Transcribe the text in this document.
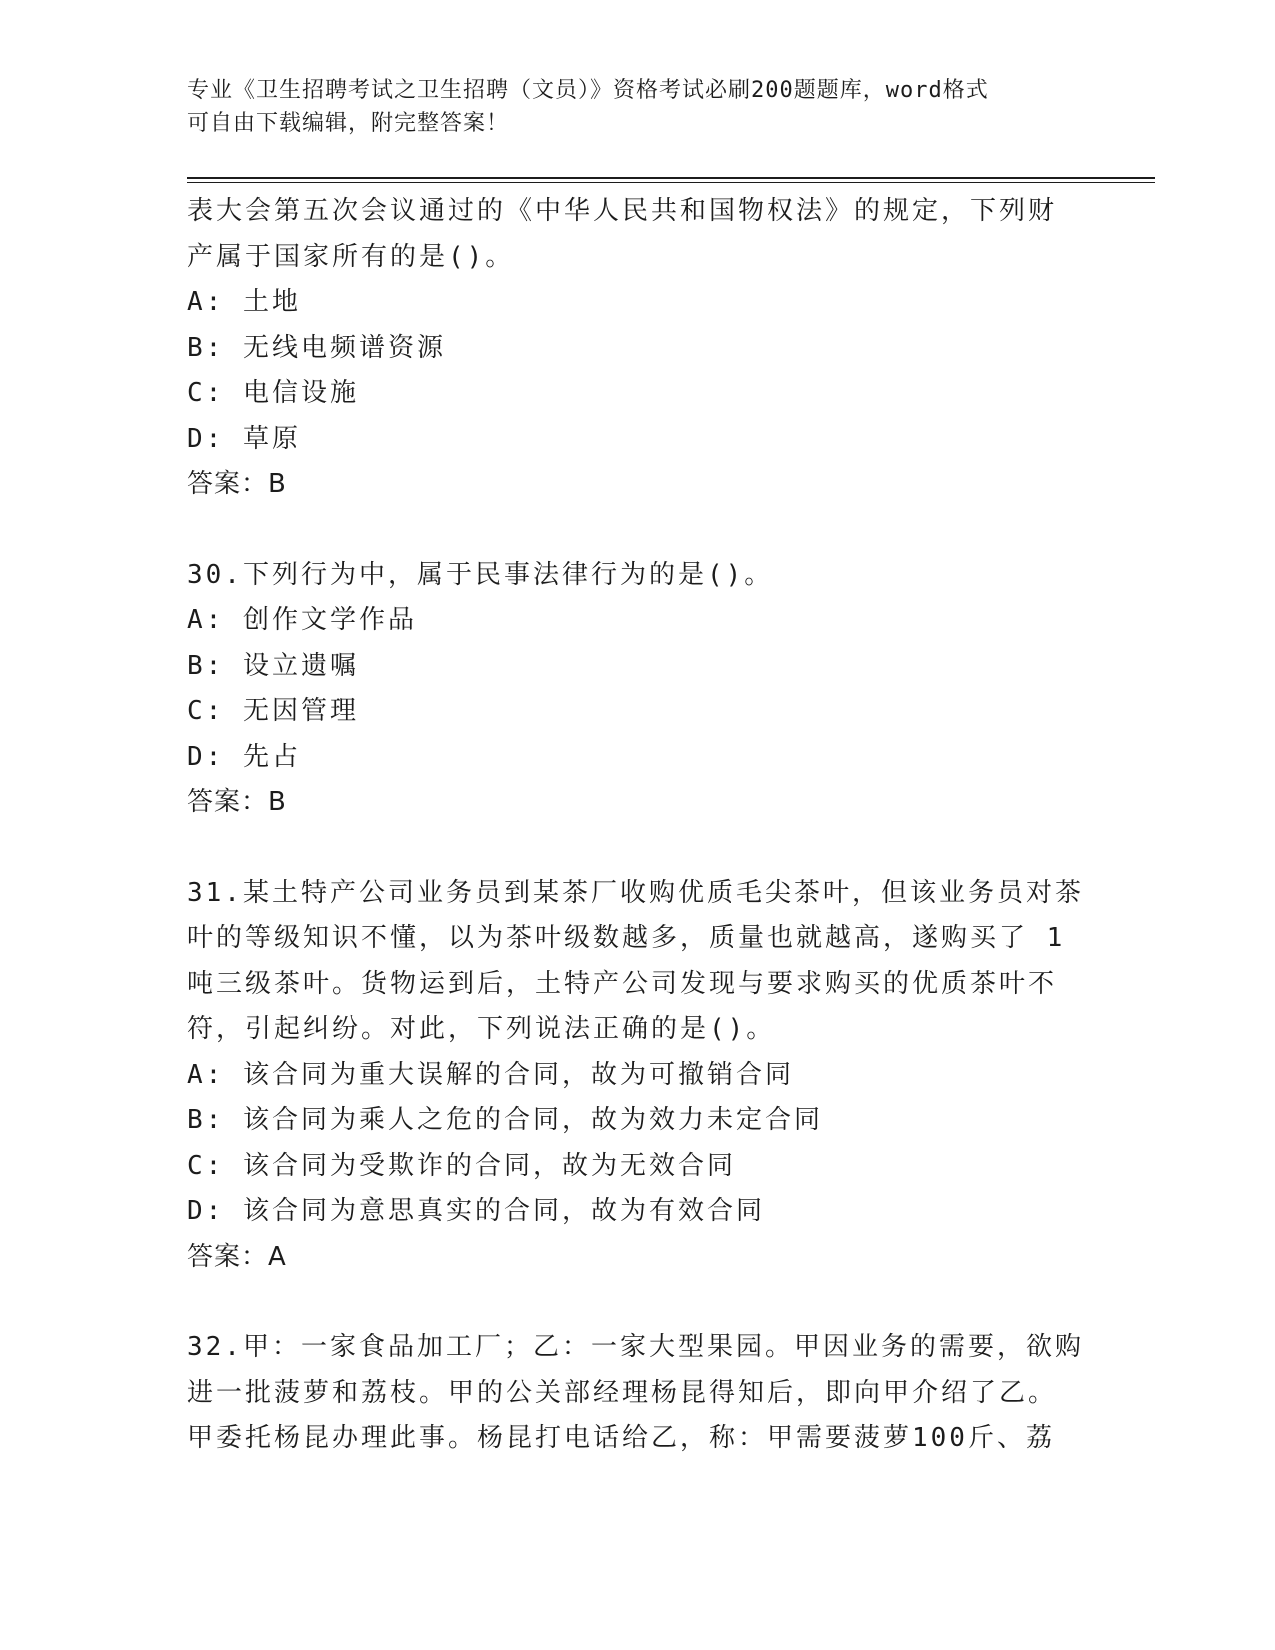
专业《卫生招聘考试之卫生招聘（文员）》资格考试必刷200题题库，word格式
可自由下载编辑，附完整答案！
表大会第五次会议通过的《中华人民共和国物权法》的规定，下列财
产属于国家所有的是()。
A: 土地
B: 无线电频谱资源
C: 电信设施
D: 草原
答案：B
30.下列行为中，属于民事法律行为的是()。
A: 创作文学作品
B: 设立遗嘱
C: 无因管理
D: 先占
答案：B
31.某土特产公司业务员到某茶厂收购优质毛尖茶叶，但该业务员对茶
叶的等级知识不懂，以为茶叶级数越多，质量也就越高，遂购买了 1
吨三级茶叶。货物运到后，土特产公司发现与要求购买的优质茶叶不
符，引起纠纷。对此，下列说法正确的是()。
A: 该合同为重大误解的合同，故为可撤销合同
B: 该合同为乘人之危的合同，故为效力未定合同
C: 该合同为受欺诈的合同，故为无效合同
D: 该合同为意思真实的合同，故为有效合同
答案：A
32.甲：一家食品加工厂；乙：一家大型果园。甲因业务的需要，欲购
进一批菠萝和荔枝。甲的公关部经理杨昆得知后，即向甲介绍了乙。
甲委托杨昆办理此事。杨昆打电话给乙，称：甲需要菠萝100斤、荔
